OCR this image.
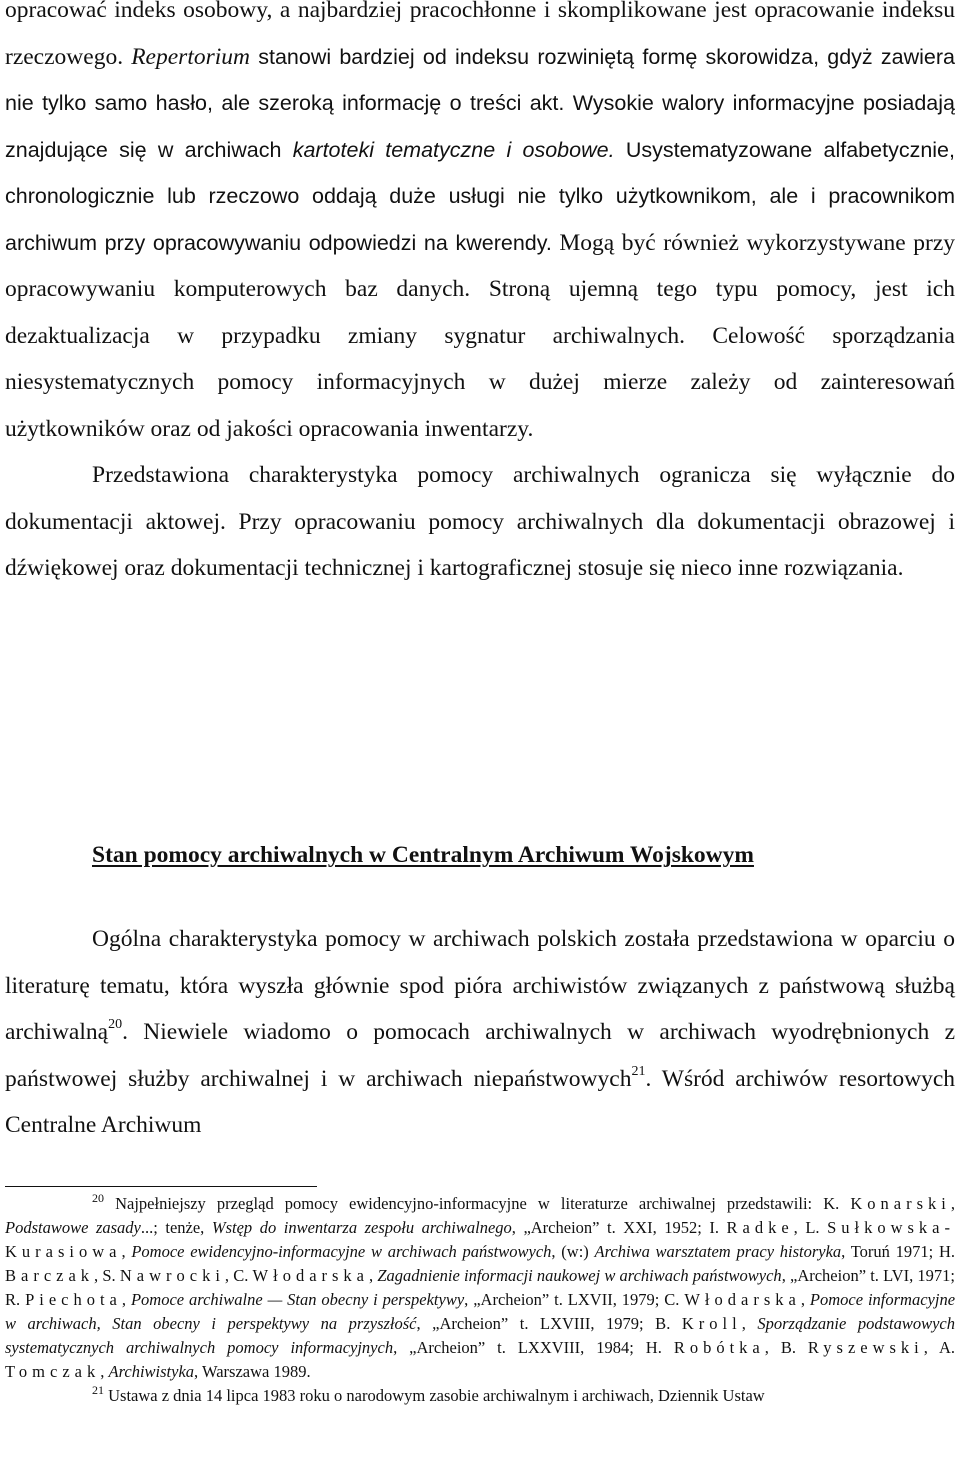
opracować indeks osobowy, a najbardziej pracochłonne i skomplikowane jest opracowanie indeksu rzeczowego. Repertorium stanowi bardziej od indeksu rozwiniętą formę skorowidza, gdyż zawiera nie tylko samo hasło, ale szeroką informację o treści akt. Wysokie walory informacyjne posiadają znajdujące się w archiwach kartoteki tematyczne i osobowe. Usystematyzowane alfabetycznie, chronologicznie lub rzeczowo oddają duże usługi nie tylko użytkownikom, ale i pracownikom archiwum przy opracowywaniu odpowiedzi na kwerendy. Mogą być również wykorzystywane przy opracowywaniu komputerowych baz danych. Stroną ujemną tego typu pomocy, jest ich dezaktualizacja w przypadku zmiany sygnatur archiwalnych. Celowość sporządzania niesystematycznych pomocy informacyjnych w dużej mierze zależy od zainteresowań użytkowników oraz od jakości opracowania inwentarzy.

Przedstawiona charakterystyka pomocy archiwalnych ogranicza się wyłącznie do dokumentacji aktowej. Przy opracowaniu pomocy archiwalnych dla dokumentacji obrazowej i dźwiękowej oraz dokumentacji technicznej i kartograficznej stosuje się nieco inne rozwiązania.

Stan pomocy archiwalnych w Centralnym Archiwum Wojskowym

Ogólna charakterystyka pomocy w archiwach polskich została przedstawiona w oparciu o literaturę tematu, która wyszła głównie spod pióra archiwistów związanych z państwową służbą archiwalną$^{20}$. Niewiele wiadomo o pomocach archiwalnych w archiwach wyodrębnionych z państwowej służby archiwalnej i w archiwach niepaństwowych$^{21}$. Wśród archiwów resortowych Centralne Archiwum

$^{20}$ Najpełniejszy przegląd pomocy ewidencyjno-informacyjne w literaturze archiwalnej przedstawili: K. Konarski, Podstawowe zasady...; tenże, Wstęp do inwentarza zespołu archiwalnego, „Archeion” t. XXI, 1952; I. Radke, L. Sułkowska-Kurasiowa, Pomoce ewidencyjno-informacyjne w archiwach państwowych, (w:) Archiwa warsztatem pracy historyka, Toruń 1971; H. Barczak, S. Nawrocki, C. Włodarska, Zagadnienie informacji naukowej w archiwach państwowych, „Archeion” t. LVI, 1971; R. Piechota, Pomoce archiwalne — Stan obecny i perspektywy, „Archeion” t. LXVII, 1979; C. Włodarska, Pomoce informacyjne w archiwach, Stan obecny i perspektywy na przyszłość, „Archeion” t. LXVIII, 1979; B. Kroll, Sporządzanie podstawowych systematycznych archiwalnych pomocy informacyjnych, „Archeion” t. LXXVIII, 1984; H. Robótka, B. Ryszewski, A. Tomczak, Archiwistyka, Warszawa 1989.

$^{21}$ Ustawa z dnia 14 lipca 1983 roku o narodowym zasobie archiwalnym i archiwach, Dziennik Ustaw
